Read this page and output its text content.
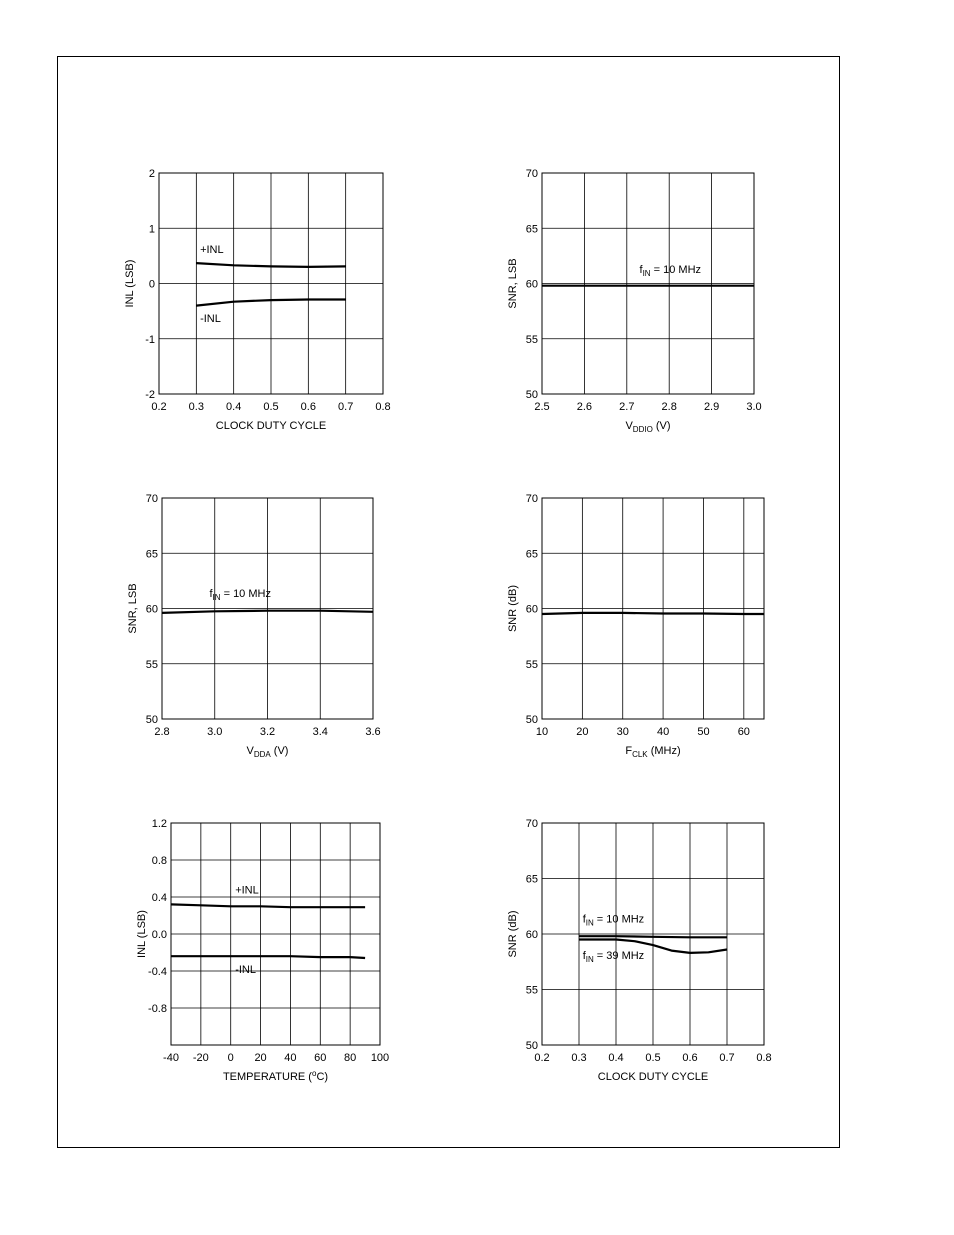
0.2 0.3 0.4 0.5 0.6 0.7 0.8
-2
-1
0
1
2
CLOCK DUTY CYCLE
INL (LSB)
+INL
-INL
2.5 2.6 2.7 2.8 2.9 3.0
50
55
60
65
70
$V_{DDIO}$ (V)
SNR, LSB	$f_{IN} = 10$ MHz
2.8	3.0	3.2	3.4	3.6
50
55
60
65
70
$V_{DDA}$ (V)
SNR, LSB	$f_{IN} = 10$ MHz
10	20	30	40	50	60
50
55
60
65
70
$F_{CLK}$ (MHz)
SNR (dB)
-40 -20 0 20 40 60 80 100
-0.8
-0.4
0.0
0.4
0.8
1.2
TEMPERATURE ($^o$C)
INL (LSB)
+INL
-INL
0.2 0.3 0.4 0.5 0.6 0.7 0.8
50
55
60
65
70
CLOCK DUTY CYCLE
SNR (dB)	$f_{IN} = 10$ MHz
$f_{IN} = 39$ MHz
